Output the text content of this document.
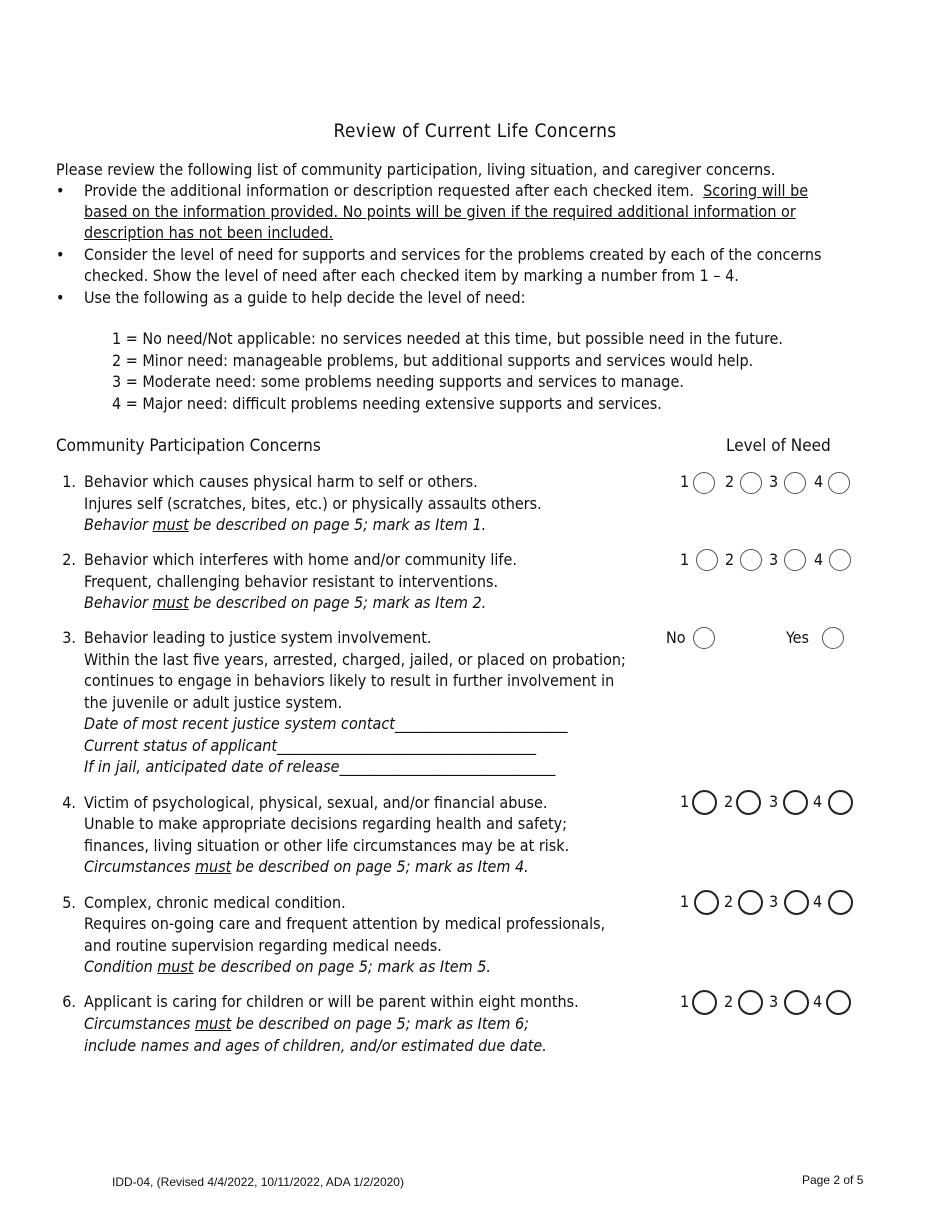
Review of Current Life Concerns
Please review the following list of community participation, living situation, and caregiver concerns.
• Provide the additional information or description requested after each checked item. Scoring will be
based on the information provided. No points will be given if the required additional information or
description has not been included.
• Consider the level of need for supports and services for the problems created by each of the concerns
checked. Show the level of need after each checked item by marking a number from 1 – 4.
• Use the following as a guide to help decide the level of need:
1 = No need/Not applicable: no services needed at this time, but possible need in the future.
2 = Minor need: manageable problems, but additional supports and services would help.
3 = Moderate need: some problems needing supports and services to manage.
4 = Major need: difficult problems needing extensive supports and services.
Community Participation Concerns	Level of Need
1. Behavior which causes physical harm to self or others.
Injures self (scratches, bites, etc.) or physically assaults others.
Behavior must be described on page 5; mark as Item 1.
1 2 3 4
2. Behavior which interferes with home and/or community life.
Frequent, challenging behavior resistant to interventions.
Behavior must be described on page 5; mark as Item 2.
1 2 3 4
3. Behavior leading to justice system involvement.
Within the last five years, arrested, charged, jailed, or placed on probation;
continues to engage in behaviors likely to result in further involvement in
the juvenile or adult justice system.
Date of most recent justice system contact________________________
Current status of applicant____________________________________
If in jail, anticipated date of release______________________________
No	Yes
4. Victim of psychological, physical, sexual, and/or financial abuse.
Unable to make appropriate decisions regarding health and safety;
finances, living situation or other life circumstances may be at risk.
Circumstances must be described on page 5; mark as Item 4.
1 2 3 4
5. Complex, chronic medical condition.
Requires on-going care and frequent attention by medical professionals,
and routine supervision regarding medical needs.
Condition must be described on page 5; mark as Item 5.
1 2 3 4
6. Applicant is caring for children or will be parent within eight months.
Circumstances must be described on page 5; mark as Item 6;
include names and ages of children, and/or estimated due date.
1 2 3 4
IDD-04, (Revised 4/4/2022, 10/11/2022, ADA 1/2/2020)	Page 2 of 5
